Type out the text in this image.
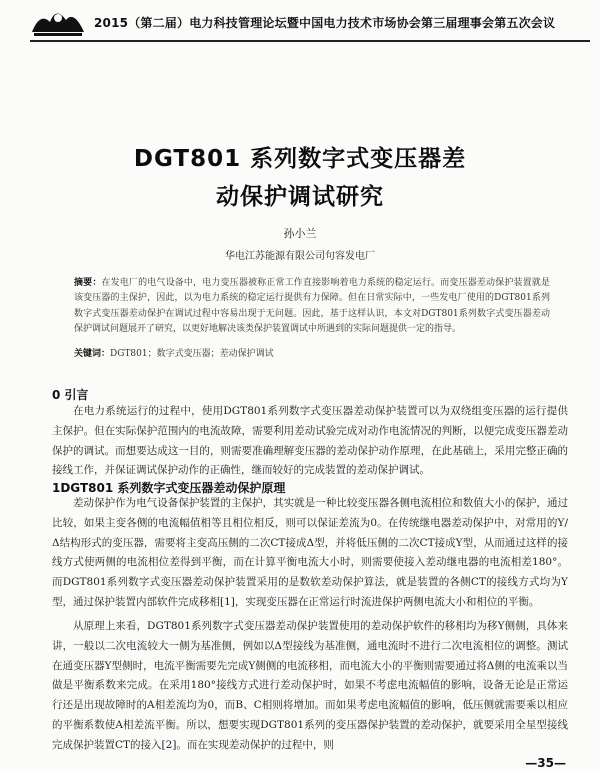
2015（第二届）电力科技管理论坛暨中国电力技术市场协会第三届理事会第五次会议
DGT801 系列数字式变压器差
动保护调试研究
孙小兰
华电江苏能源有限公司句容发电厂
摘要：在发电厂的电气设备中，电力变压器被称正常工作直接影响着电力系统的稳定运行。而变压器差动保护装置就是该变压器的主保护，因此，以为电力系统的稳定运行提供有力保障。但在日常实际中，一些发电厂使用的DGT801系列数字式变压器差动保护在调试过程中容易出现于无问题。因此，基于这样认识，本文对DGT801系列数字式变压器差动保护调试问题展开了研究，以更好地解决该类保护装置调试中所遇到的实际问题提供一定的指导。
关键词：DGT801；数字式变压器；差动保护调试
0 引言
在电力系统运行的过程中，使用DGT801系列数字式变压器差动保护装置可以为双绕组变压器的运行提供主保护。但在实际保护范围内的电流故障，需要利用差动试验完成对动作电流情况的判断，以便完成变压器差动保护的调试。而想要达成这一目的，则需要准确理解变压器的差动保护动作原理，在此基础上，采用完整正确的接线工作，并保证调试保护动作的正确性，继而较好的完成装置的差动保护调试。
1DGT801 系列数字式变压器差动保护原理
差动保护作为电气设备保护装置的主保护，其实就是一种比较变压器各侧电流相位和数值大小的保护，通过比较，如果主变各侧的电流幅值相等且相位相反，则可以保证差流为0。在传统继电器差动保护中，对常用的Y/Δ结构形式的变压器，需要将主变高压侧的二次CT接成Δ型，并将低压侧的二次CT接成Y型，从而通过这样的接线方式使两侧的电流相位差得到平衡，而在计算平衡电流大小时，则需要使接入差动继电器的电流相差180°。而DGT801系列数字式变压器差动保护装置采用的是数软差动保护算法，就是装置的各侧CT的接线方式均为Y型，通过保护装置内部软件完成移相[1]，实现变压器在正常运行时流进保护两侧电流大小和相位的平衡。
从原理上来看，DGT801系列数字式变压器差动保护装置使用的差动保护软件的移相均为移Y侧侧，具体来讲，一般以二次电流较大一侧为基准侧，例如以Δ型接线为基准侧，通电流时不进行二次电流相位的调整。测试在通变压器Y型侧时，电流平衡需要先完成Y侧侧的电流移相，而电流大小的平衡则需要通过将Δ侧的电流乘以当做是平衡系数来完成。在采用180°接线方式进行差动保护时，如果不考虑电流幅值的影响，设备无论是正常运行还是出现故障时的A相差流均为0，而B、C相则将增加。而如果考虑电流幅值的影响，低压侧就需要乘以相应的平衡系数使A相差流平衡。所以，想要实现DGT801系列的变压器保护装置的差动保护，就要采用全星型接线完成保护装置CT的接入[2]。而在实现差动保护的过程中，则
—35—
